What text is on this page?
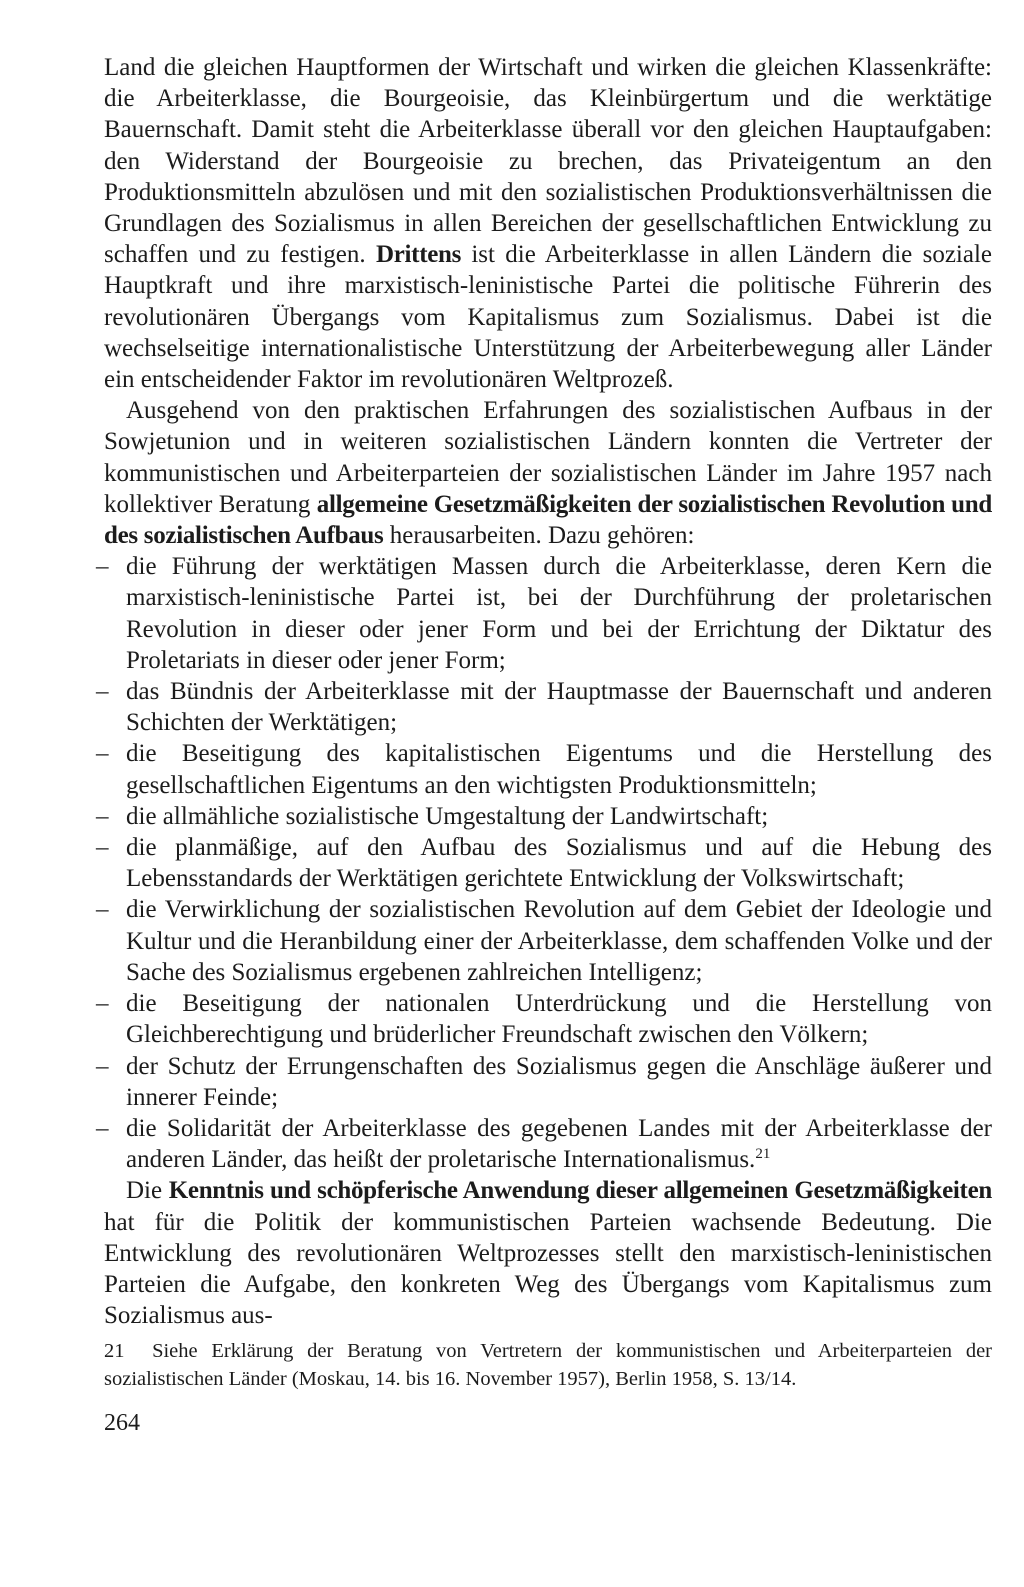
Land die gleichen Hauptformen der Wirtschaft und wirken die gleichen Klassenkräfte: die Arbeiterklasse, die Bourgeoisie, das Kleinbürgertum und die werktätige Bauernschaft. Damit steht die Arbeiterklasse überall vor den gleichen Hauptaufgaben: den Widerstand der Bourgeoisie zu brechen, das Privateigentum an den Produktionsmitteln abzulösen und mit den sozialistischen Produktionsverhältnissen die Grundlagen des Sozialismus in allen Bereichen der gesellschaftlichen Entwicklung zu schaffen und zu festigen. Drittens ist die Arbeiterklasse in allen Ländern die soziale Hauptkraft und ihre marxistisch-leninistische Partei die politische Führerin des revolutionären Übergangs vom Kapitalismus zum Sozialismus. Dabei ist die wechselseitige internationalistische Unterstützung der Arbeiterbewegung aller Länder ein entscheidender Faktor im revolutionären Weltprozeß.

Ausgehend von den praktischen Erfahrungen des sozialistischen Aufbaus in der Sowjetunion und in weiteren sozialistischen Ländern konnten die Vertreter der kommunistischen und Arbeiterparteien der sozialistischen Länder im Jahre 1957 nach kollektiver Beratung allgemeine Gesetzmäßigkeiten der sozialistischen Revolution und des sozialistischen Aufbaus herausarbeiten. Dazu gehören:

– die Führung der werktätigen Massen durch die Arbeiterklasse, deren Kern die marxistisch-leninistische Partei ist, bei der Durchführung der proletarischen Revolution in dieser oder jener Form und bei der Errichtung der Diktatur des Proletariats in dieser oder jener Form;
– das Bündnis der Arbeiterklasse mit der Hauptmasse der Bauernschaft und anderen Schichten der Werktätigen;
– die Beseitigung des kapitalistischen Eigentums und die Herstellung des gesellschaftlichen Eigentums an den wichtigsten Produktionsmitteln;
– die allmähliche sozialistische Umgestaltung der Landwirtschaft;
– die planmäßige, auf den Aufbau des Sozialismus und auf die Hebung des Lebensstandards der Werktätigen gerichtete Entwicklung der Volkswirtschaft;
– die Verwirklichung der sozialistischen Revolution auf dem Gebiet der Ideologie und Kultur und die Heranbildung einer der Arbeiterklasse, dem schaffenden Volke und der Sache des Sozialismus ergebenen zahlreichen Intelligenz;
– die Beseitigung der nationalen Unterdrückung und die Herstellung von Gleichberechtigung und brüderlicher Freundschaft zwischen den Völkern;
– der Schutz der Errungenschaften des Sozialismus gegen die Anschläge äußerer und innerer Feinde;
– die Solidarität der Arbeiterklasse des gegebenen Landes mit der Arbeiterklasse der anderen Länder, das heißt der proletarische Internationalismus.$^{21}$

Die Kenntnis und schöpferische Anwendung dieser allgemeinen Gesetzmäßigkeiten hat für die Politik der kommunistischen Parteien wachsende Bedeutung. Die Entwicklung des revolutionären Weltprozesses stellt den marxistisch-leninistischen Parteien die Aufgabe, den konkreten Weg des Übergangs vom Kapitalismus zum Sozialismus aus-

21 Siehe Erklärung der Beratung von Vertretern der kommunistischen und Arbeiterparteien der sozialistischen Länder (Moskau, 14. bis 16. November 1957), Berlin 1958, S. 13/14.
264
